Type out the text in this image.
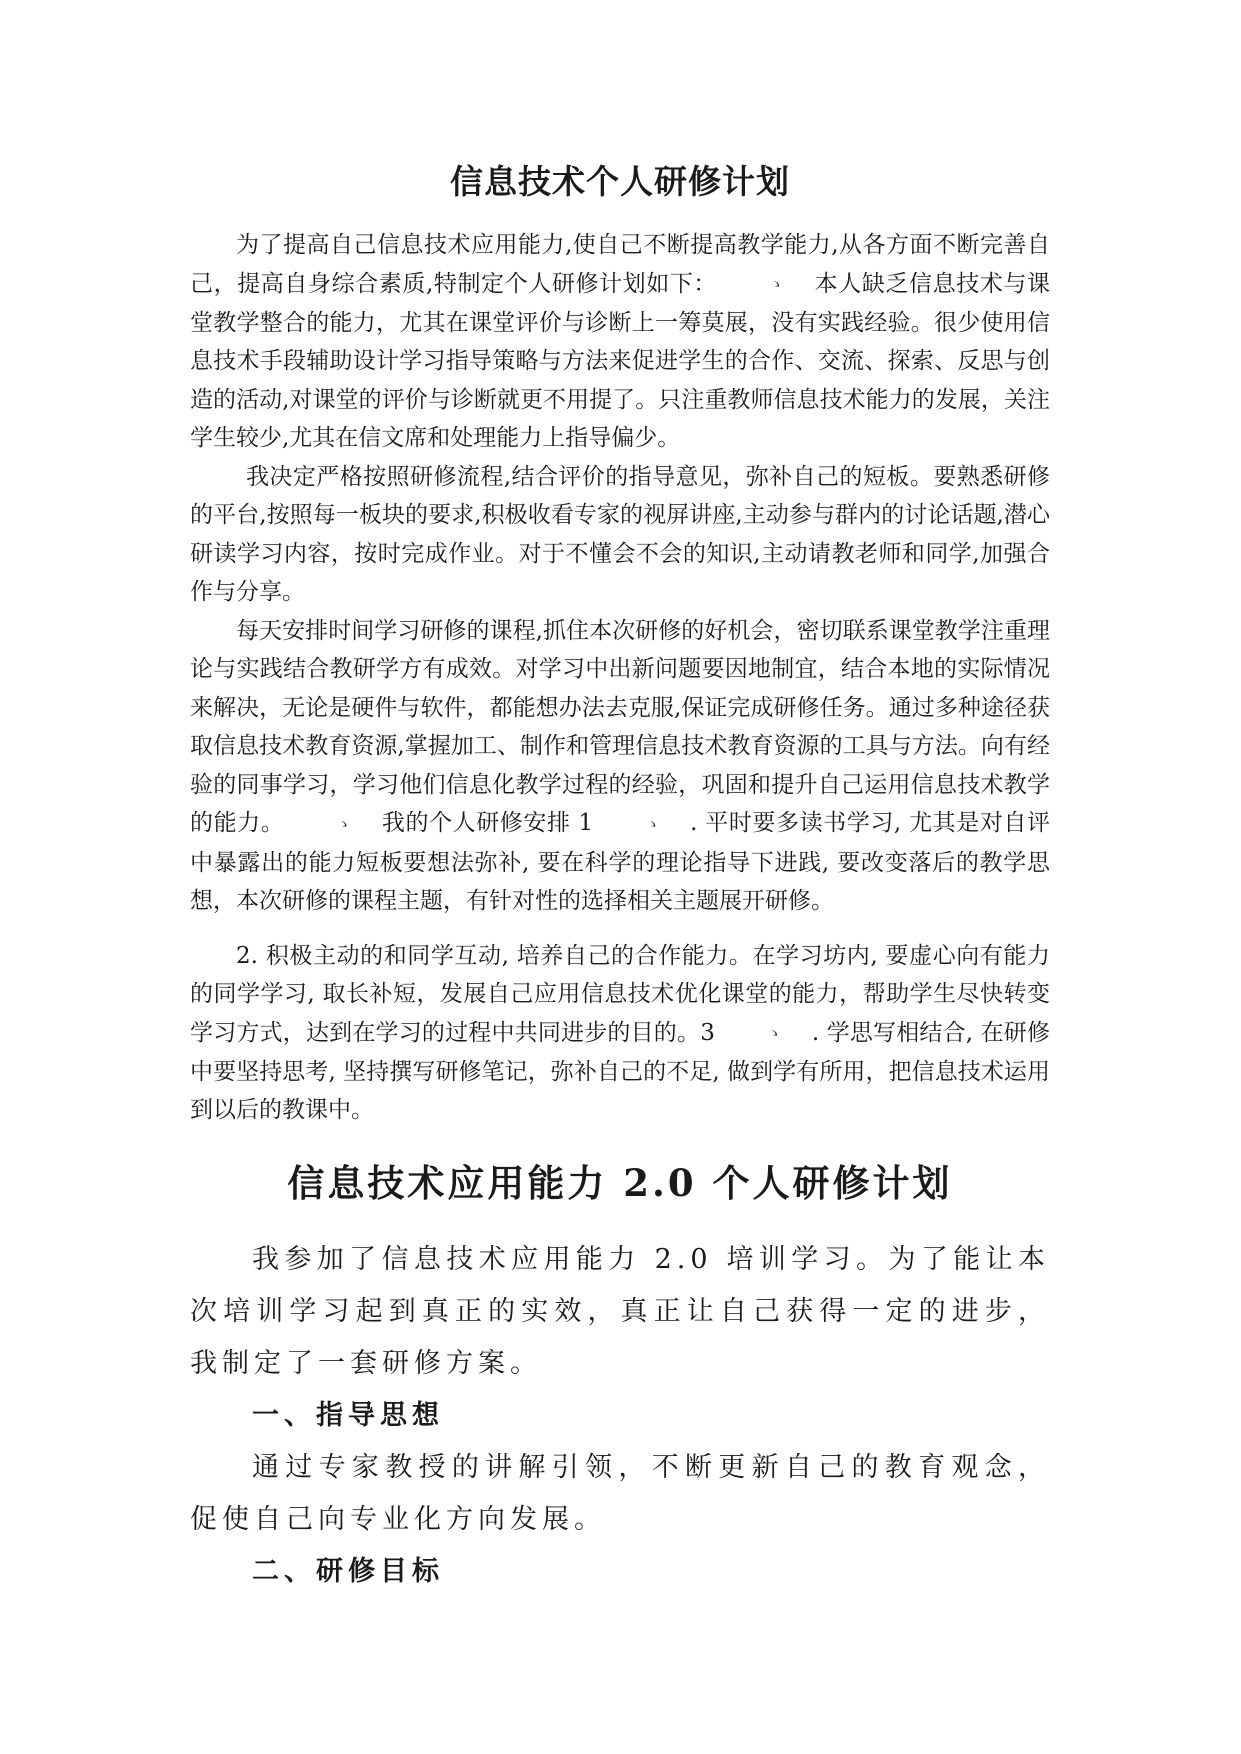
信息技术个人研修计划

为了提高自己信息技术应用能力,使自己不断提高教学能力,从各方面不断完善自己，提高自身综合素质,特制定个人研修计划如下：	ゝ 本人缺乏信息技术与课堂教学整合的能力，尤其在课堂评价与诊断上一筹莫展，没有实践经验。很少使用信息技术手段辅助设计学习指导策略与方法来促进学生的合作、交流、探索、反思与创造的活动,对课堂的评价与诊断就更不用提了。只注重教师信息技术能力的发展，关注学生较少,尤其在信文席和处理能力上指导偏少。

我决定严格按照研修流程,结合评价的指导意见，弥补自己的短板。要熟悉研修的平台,按照每一板块的要求,积极收看专家的视屏讲座,主动参与群内的讨论话题,潜心研读学习内容，按时完成作业。对于不懂会不会的知识,主动请教老师和同学,加强合作与分享。

每天安排时间学习研修的课程,抓住本次研修的好机会，密切联系课堂教学注重理论与实践结合教研学方有成效。对学习中出新问题要因地制宜，结合本地的实际情况来解决，无论是硬件与软件，都能想办法去克服,保证完成研修任务。通过多种途径获取信息技术教育资源,掌握加工、制作和管理信息技术教育资源的工具与方法。向有经验的同事学习，学习他们信息化教学过程的经验，巩固和提升自己运用信息技术教学的能力。	ゝ 我的个人研修安排 1	ゝ . 平时要多读书学习, 尤其是对自评中暴露出的能力短板要想法弥补, 要在科学的理论指导下进践, 要改变落后的教学思想，本次研修的课程主题，有针对性的选择相关主题展开研修。

2. 积极主动的和同学互动, 培养自己的合作能力。在学习坊内, 要虚心向有能力的同学学习, 取长补短，发展自己应用信息技术优化课堂的能力，帮助学生尽快转变学习方式，达到在学习的过程中共同进步的目的。3	ゝ . 学思写相结合, 在研修中要坚持思考, 坚持撰写研修笔记，弥补自己的不足, 做到学有所用，把信息技术运用到以后的教课中。

信息技术应用能力 2.0 个人研修计划

我参加了信息技术应用能力 2.0 培训学习。为了能让本次培训学习起到真正的实效，真正让自己获得一定的进步，我制定了一套研修方案。

一、指导思想

通过专家教授的讲解引领，不断更新自己的教育观念，促使自己向专业化方向发展。

二、研修目标
